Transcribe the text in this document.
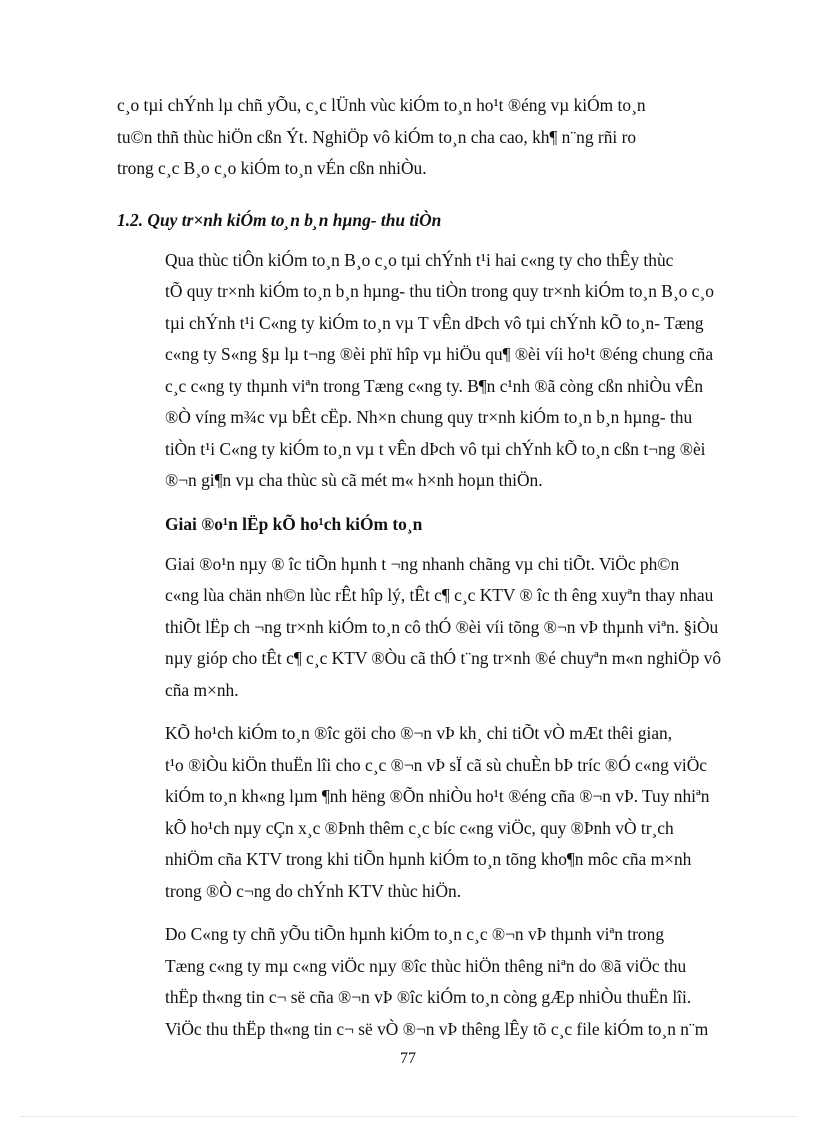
c¸o tµi chÝnh lµ chñ yÕu, c¸c lÜnh vùc kiÓm to¸n ho¹t ®éng vµ kiÓm to¸n
tu©n thñ thùc hiÖn cßn Ýt. NghiÖp vô kiÓm to¸n cha cao, kh¶ n¨ng rñi ro
trong c¸c B¸o c¸o kiÓm to¸n vÉn cßn nhiÒu.

1.2. Quy tr×nh kiÓm to¸n b¸n hµng- thu tiÒn

Qua thùc tiÔn kiÓm to¸n B¸o c¸o tµi chÝnh t¹i hai c«ng ty cho thÊy thùc
tÕ quy tr×nh kiÓm to¸n b¸n hµng- thu tiÒn trong quy tr×nh kiÓm to¸n B¸o c¸o
tµi chÝnh t¹i C«ng ty kiÓm to¸n vµ T vÊn dÞch vô tµi chÝnh kÕ to¸n- Tæng
c«ng ty S«ng §µ lµ t¬ng ®èi phï hîp vµ hiÖu qu¶ ®èi víi ho¹t ®éng chung cña
c¸c c«ng ty thµnh viªn trong Tæng c«ng ty. B¶n c¹nh ®ã còng cßn nhiÒu vÊn
®Ò víng m¾c vµ bÊt cËp. Nh×n chung quy tr×nh kiÓm to¸n b¸n hµng- thu
tiÒn t¹i C«ng ty kiÓm to¸n vµ t vÊn dÞch vô tµi chÝnh kÕ to¸n cßn t¬ng ®èi
®¬n gi¶n vµ cha thùc sù cã mét m« h×nh hoµn thiÖn.

Giai ®o¹n lËp kÕ ho¹ch kiÓm to¸n

Giai ®o¹n nµy ® îc tiÕn hµnh t ¬ng nhanh chãng vµ chi tiÕt. ViÖc ph©n
c«ng lùa chän nh©n lùc rÊt hîp lý, tÊt c¶ c¸c KTV ® îc th êng xuyªn thay nhau
thiÕt lËp ch ¬ng tr×nh kiÓm to¸n cô thÓ ®èi víi tõng ®¬n vÞ thµnh viªn. §iÒu
nµy gióp cho tÊt c¶ c¸c KTV ®Òu cã thÓ t¨ng tr×nh ®é chuyªn m«n nghiÖp vô
cña m×nh.

KÕ ho¹ch kiÓm to¸n ®îc göi cho ®¬n vÞ kh¸ chi tiÕt vÒ mÆt thêi gian,
t¹o ®iÒu kiÖn thuËn lîi cho c¸c ®¬n vÞ sÏ cã sù chuÈn bÞ tríc ®Ó c«ng viÖc
kiÓm to¸n kh«ng lµm ¶nh hëng ®Õn nhiÒu ho¹t ®éng cña ®¬n vÞ. Tuy nhiªn
kÕ ho¹ch nµy cÇn x¸c ®Þnh thêm c¸c bíc c«ng viÖc, quy ®Þnh vÒ tr¸ch
nhiÖm cña KTV trong khi tiÕn hµnh kiÓm to¸n tõng kho¶n môc cña m×nh
trong ®Ò c¬ng do chÝnh KTV thùc hiÖn.

Do C«ng ty chñ yÕu tiÕn hµnh kiÓm to¸n c¸c ®¬n vÞ thµnh viªn trong
Tæng c«ng ty mµ c«ng viÖc nµy ®îc thùc hiÖn thêng niªn do ®ã viÖc thu
thËp th«ng tin c¬ së cña ®¬n vÞ ®îc kiÓm to¸n còng gÆp nhiÒu thuËn lîi.
ViÖc thu thËp th«ng tin c¬ së vÒ ®¬n vÞ thêng lÊy tõ c¸c file kiÓm to¸n n¨m

77
